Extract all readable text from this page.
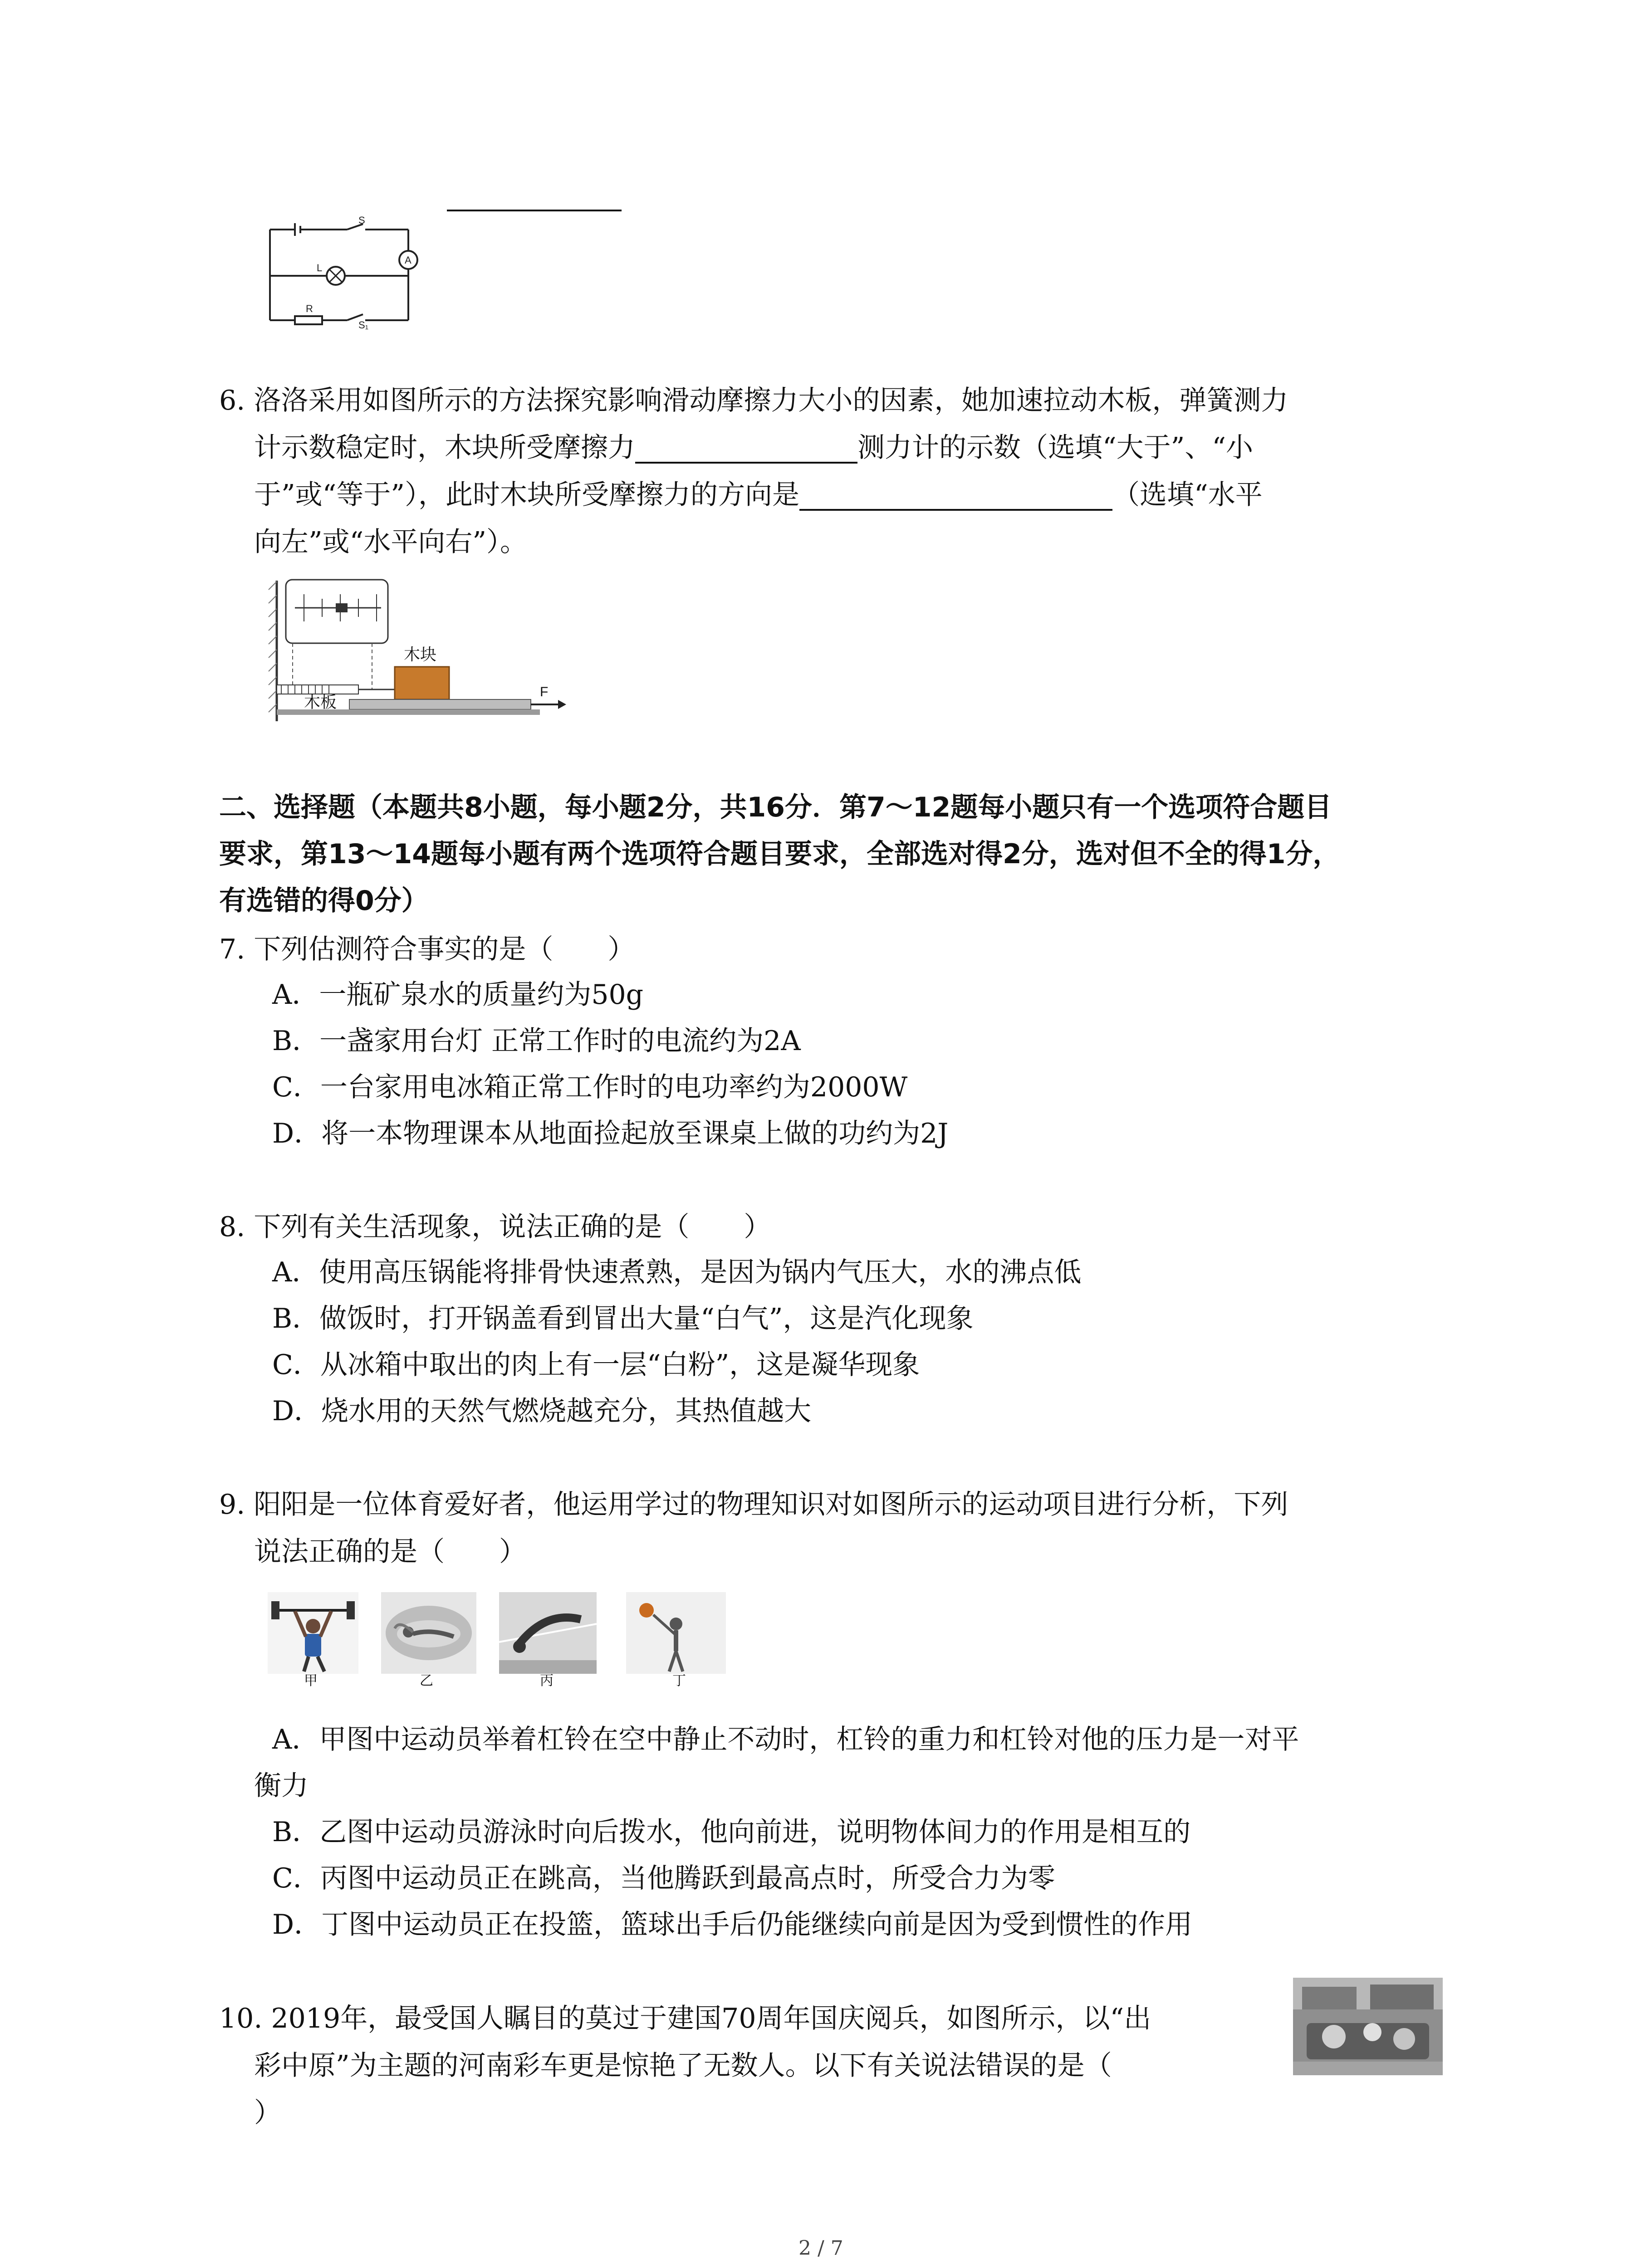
S
A
L
R
S₁
6. 洛洛采用如图所示的方法探究影响滑动摩擦力大小的因素，她加速拉动木板，弹簧测力
计示数稳定时，木块所受摩擦力	测力计的示数（选填“大于”、“小
于”或“等于”），此时木块所受摩擦力的方向是	（选填“水平
向左”或“水平向右”）。
木块
木板
F
二、选择题（本题共8小题，每小题2分，共16分．第7～12题每小题只有一个选项符合题目
要求，第13～14题每小题有两个选项符合题目要求，全部选对得2分，选对但不全的得1分，
有选错的得0分）
7. 下列估测符合事实的是（　　）
A．一瓶矿泉水的质量约为50g
B．一盏家用台灯 正常工作时的电流约为2A
C．一台家用电冰箱正常工作时的电功率约为2000W
D．将一本物理课本从地面捡起放至课桌上做的功约为2J
8. 下列有关生活现象，说法正确的是（　　）
A．使用高压锅能将排骨快速煮熟，是因为锅内气压大，水的沸点低
B．做饭时，打开锅盖看到冒出大量“白气”，这是汽化现象
C．从冰箱中取出的肉上有一层“白粉”，这是凝华现象
D．烧水用的天然气燃烧越充分，其热值越大
9. 阳阳是一位体育爱好者，他运用学过的物理知识对如图所示的运动项目进行分析，下列
说法正确的是（　　）
甲	乙	丙	丁
A．甲图中运动员举着杠铃在空中静止不动时，杠铃的重力和杠铃对他的压力是一对平
衡力
B．乙图中运动员游泳时向后拨水，他向前进，说明物体间力的作用是相互的
C．丙图中运动员正在跳高，当他腾跃到最高点时，所受合力为零
D．丁图中运动员正在投篮，篮球出手后仍能继续向前是因为受到惯性的作用
10. 2019年，最受国人瞩目的莫过于建国70周年国庆阅兵，如图所示，以“出
彩中原”为主题的河南彩车更是惊艳了无数人。以下有关说法错误的是（
）
2 / 7
